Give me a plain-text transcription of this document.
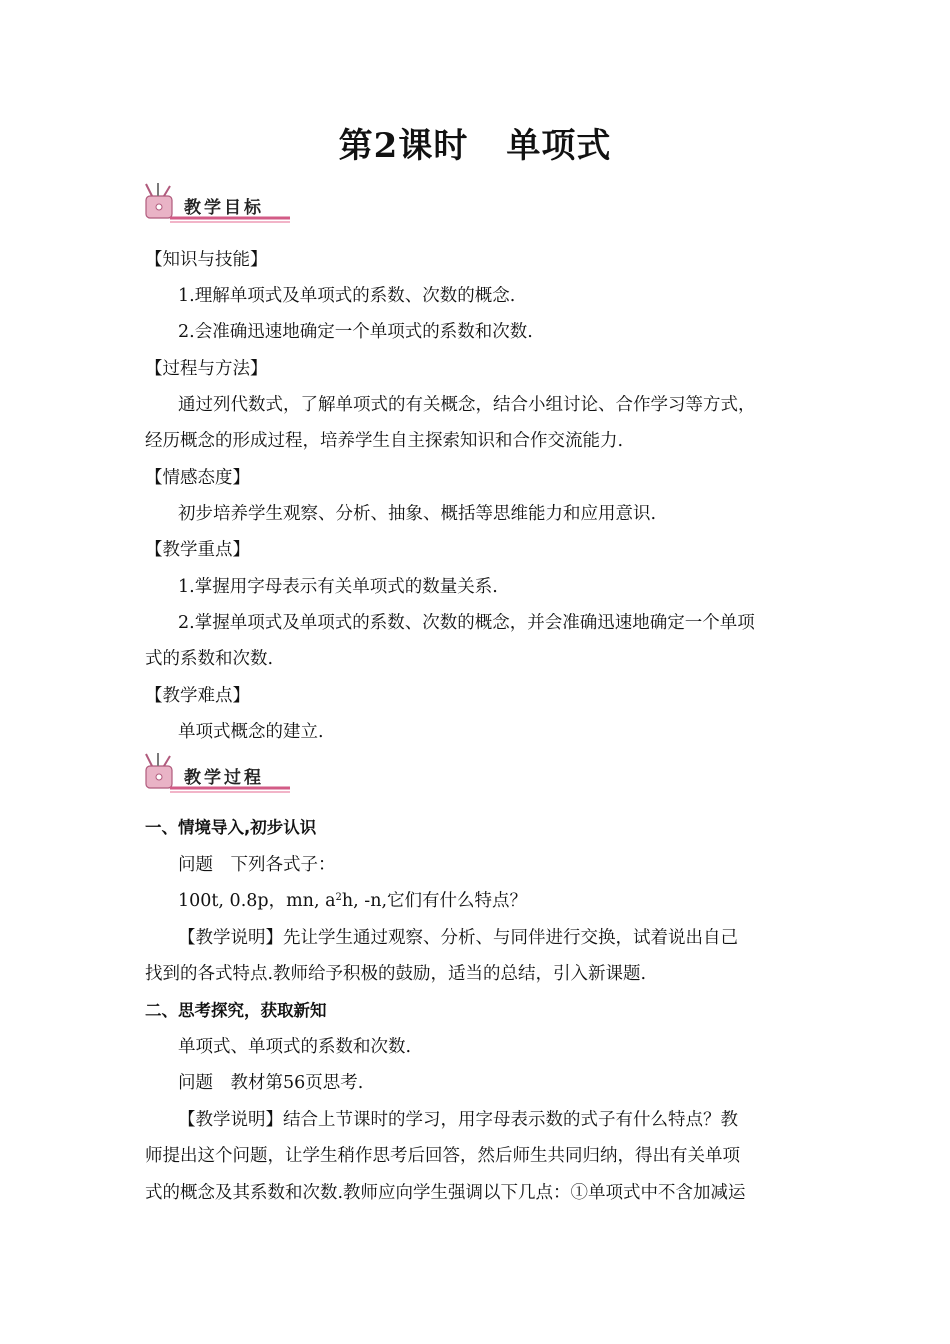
第2课时 单项式
教学目标
【知识与技能】
1.理解单项式及单项式的系数、次数的概念.
2.会准确迅速地确定一个单项式的系数和次数.
【过程与方法】
通过列代数式，了解单项式的有关概念，结合小组讨论、合作学习等方式，
经历概念的形成过程，培养学生自主探索知识和合作交流能力.
【情感态度】
初步培养学生观察、分析、抽象、概括等思维能力和应用意识.
【教学重点】
1.掌握用字母表示有关单项式的数量关系.
2.掌握单项式及单项式的系数、次数的概念，并会准确迅速地确定一个单项
式的系数和次数.
【教学难点】
单项式概念的建立.
教学过程
一、情境导入,初步认识
问题　下列各式子：
100t, 0.8p，mn, $a^2h$, -n,它们有什么特点？
【教学说明】先让学生通过观察、分析、与同伴进行交换，试着说出自己
找到的各式特点.教师给予积极的鼓励，适当的总结，引入新课题.
二、思考探究，获取新知
单项式、单项式的系数和次数.
问题　教材第56页思考.
【教学说明】结合上节课时的学习，用字母表示数的式子有什么特点？教
师提出这个问题，让学生稍作思考后回答，然后师生共同归纳，得出有关单项
式的概念及其系数和次数.教师应向学生强调以下几点：①单项式中不含加减运
